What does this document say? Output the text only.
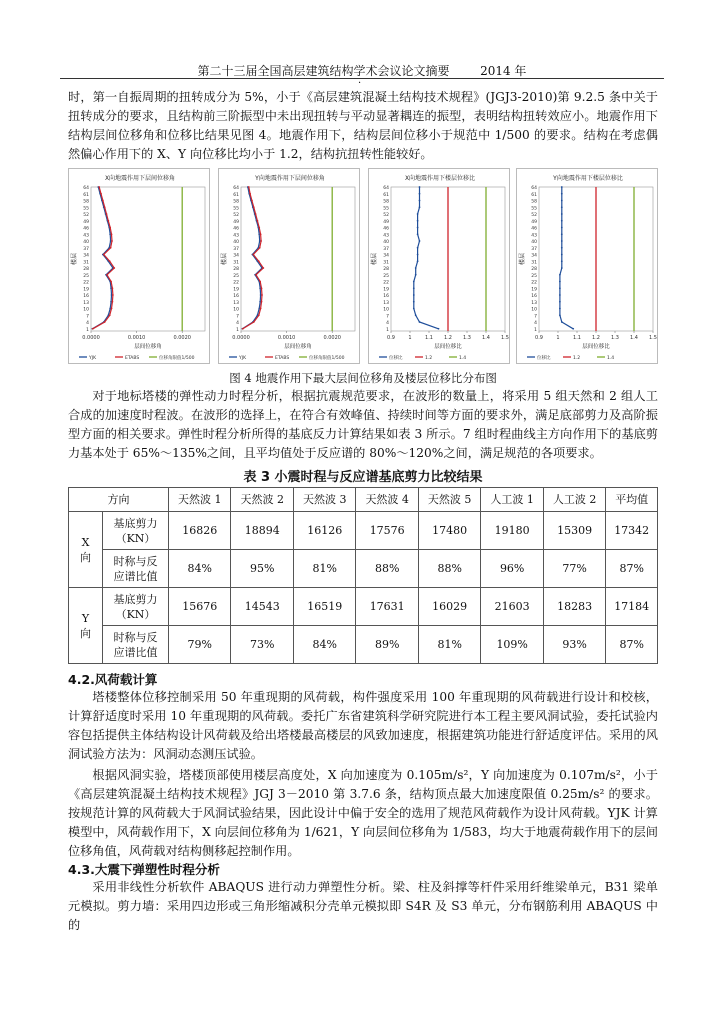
第二十三届全国高层建筑结构学术会议论文摘要	2014 年
·
时，第一自振周期的扭转成分为 5%，小于《高层建筑混凝土结构技术规程》(JGJ3-2010)第 9.2.5 条中关于扭转成分的要求，且结构前三阶振型中未出现扭转与平动显著耦连的振型，表明结构扭转效应小。地震作用下结构层间位移角和位移比结果见图 4。地震作用下，结构层间位移小于规范中 1/500 的要求。结构在考虑偶然偏心作用下的 X、Y 向位移比均小于 1.2，结构抗扭转性能较好。
X向地震作用下层间位移角
1
4
7
10
13
16
19
22
25
28
31
34
37
40
43
46
49
52
55
58
61
64
0.0000	0.0010	0.0020
层间位移角
楼层
YJK	ETABS	位移角限值1/500
Y向地震作用下层间位移角
1
4
7
10
13
16
19
22
25
28
31
34
37
40
43
46
49
52
55
58
61
64
0.0000	0.0010	0.0020
层间位移角
楼层
YJK	ETABS	位移角限值1/500
X向地震作用下楼层位移比
1
4
7
10
13
16
19
22
25
28
31
34
37
40
43
46
49
52
55
58
61
64
0.9	1	1.1 1.2 1.3 1.4 1.5
层间位移比
楼层
位移比	1.2	1.4
Y向地震作用下楼层位移比
1
4
7
10
13
16
19
22
25
28
31
34
37
40
43
46
49
52
55
58
61
64
0.9	1	1.1 1.2 1.3 1.4 1.5
层间位移比
楼层
位移比	1.2	1.4
图 4 地震作用下最大层间位移角及楼层位移比分布图
对于地标塔楼的弹性动力时程分析，根据抗震规范要求，在波形的数量上，将采用 5 组天然和 2 组人工合成的加速度时程波。在波形的选择上，在符合有效峰值、持续时间等方面的要求外，满足底部剪力及高阶振型方面的相关要求。弹性时程分析所得的基底反力计算结果如表 3 所示。7 组时程曲线主方向作用下的基底剪力基本处于 65%～135%之间，且平均值处于反应谱的 80%～120%之间，满足规范的各项要求。
表 3 小震时程与反应谱基底剪力比较结果
方向		天然波 1	天然波 2	天然波 3	天然波 4	天然波 5	人工波 1	人工波 2	平均值
X
向	基底剪力
（KN）	16826	18894	16126	17576	17480	19180	15309	17342
	时称与反
应谱比值	84%	95%	81%	88%	88%	96%	77%	87%
Y
向	基底剪力
（KN）	15676	14543	16519	17631	16029	21603	18283	17184
	时称与反
应谱比值	79%	73%	84%	89%	81%	109%	93%	87%
4.2.风荷载计算
塔楼整体位移控制采用 50 年重现期的风荷载，构件强度采用 100 年重现期的风荷载进行设计和校核，计算舒适度时采用 10 年重现期的风荷载。委托广东省建筑科学研究院进行本工程主要风洞试验，委托试验内容包括提供主体结构设计风荷载及给出塔楼最高楼层的风致加速度，根据建筑功能进行舒适度评估。采用的风洞试验方法为：风洞动态测压试验。
根据风洞实验，塔楼顶部使用楼层高度处，X 向加速度为 0.105m/s²，Y 向加速度为 0.107m/s²，小于《高层建筑混凝土结构技术规程》JGJ 3－2010 第 3.7.6 条，结构顶点最大加速度限值 0.25m/s² 的要求。按规范计算的风荷载大于风洞试验结果，因此设计中偏于安全的选用了规范风荷载作为设计风荷载。YJK 计算模型中，风荷载作用下，X 向层间位移角为 1/621，Y 向层间位移角为 1/583，均大于地震荷载作用下的层间位移角值，风荷载对结构侧移起控制作用。
4.3.大震下弹塑性时程分析
采用非线性分析软件 ABAQUS 进行动力弹塑性分析。梁、柱及斜撑等杆件采用纤维梁单元，B31 梁单元模拟。剪力墙：采用四边形或三角形缩减积分壳单元模拟即 S4R 及 S3 单元，分布钢筋利用 ABAQUS 中的
